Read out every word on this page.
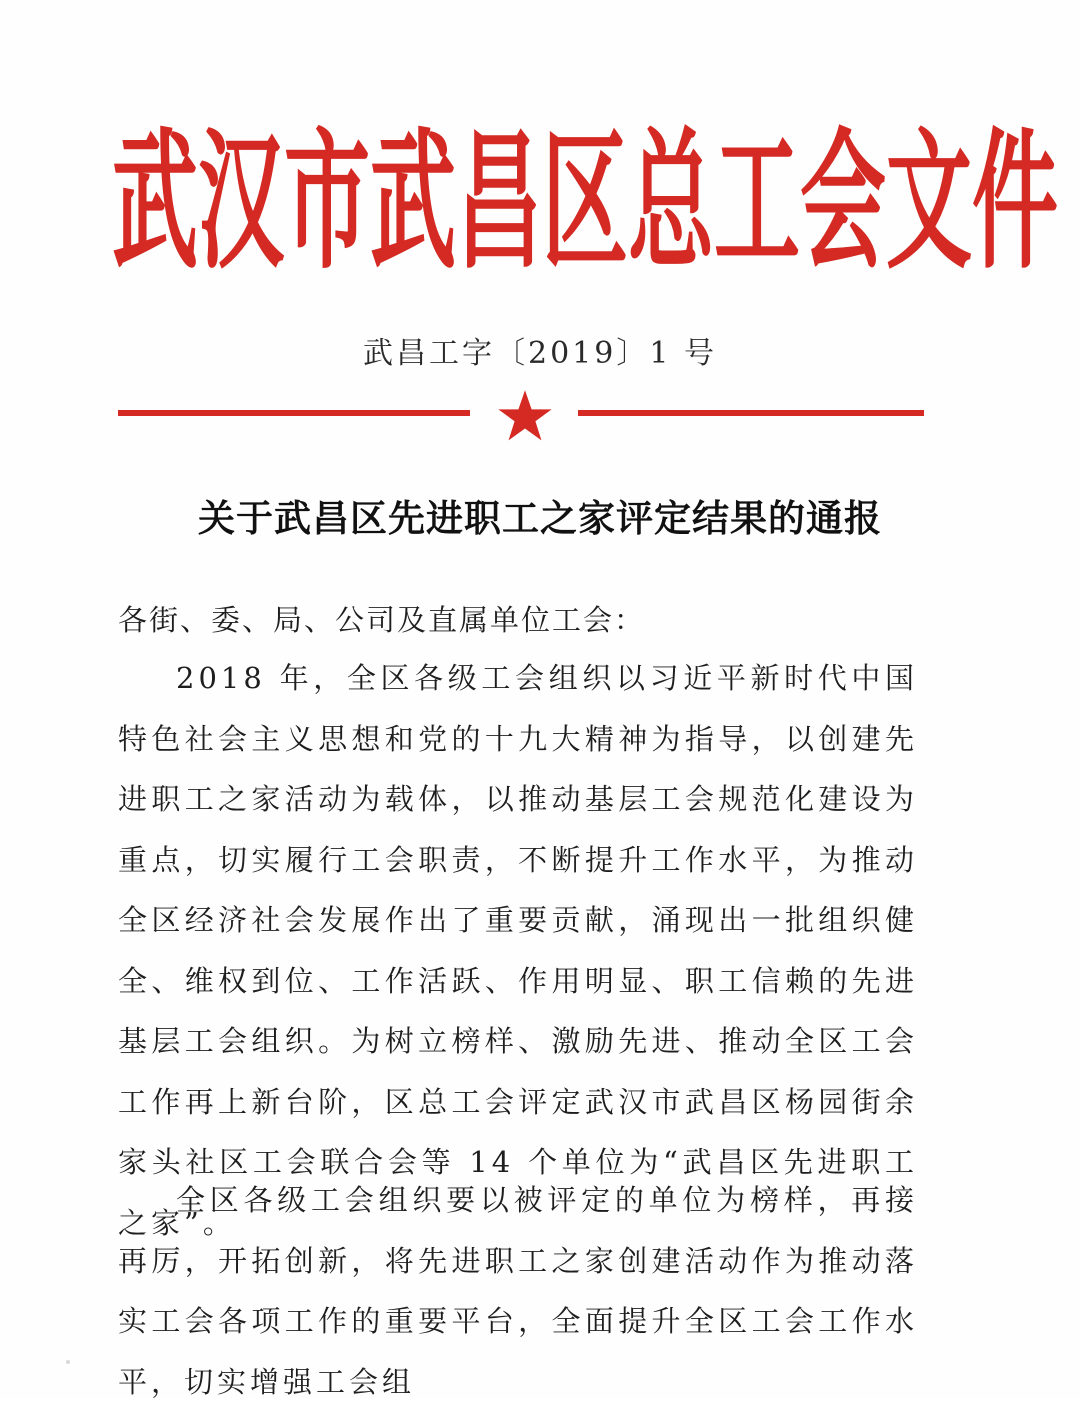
武 汉 市 武 昌 区 总 工 会 文 件
武昌工字〔2019〕1 号
关于武昌区先进职工之家评定结果的通报
各街、委、局、公司及直属单位工会：
2018 年，全区各级工会组织以习近平新时代中国特色社会主义思想和党的十九大精神为指导，以创建先进职工之家活动为载体，以推动基层工会规范化建设为重点，切实履行工会职责，不断提升工作水平，为推动全区经济社会发展作出了重要贡献，涌现出一批组织健全、维权到位、工作活跃、作用明显、职工信赖的先进基层工会组织。为树立榜样、激励先进、推动全区工会工作再上新台阶，区总工会评定武汉市武昌区杨园街余家头社区工会联合会等 14 个单位为“武昌区先进职工之家”。
全区各级工会组织要以被评定的单位为榜样，再接再厉，开拓创新，将先进职工之家创建活动作为推动落实工会各项工作的重要平台，全面提升全区工会工作水平，切实增强工会组
